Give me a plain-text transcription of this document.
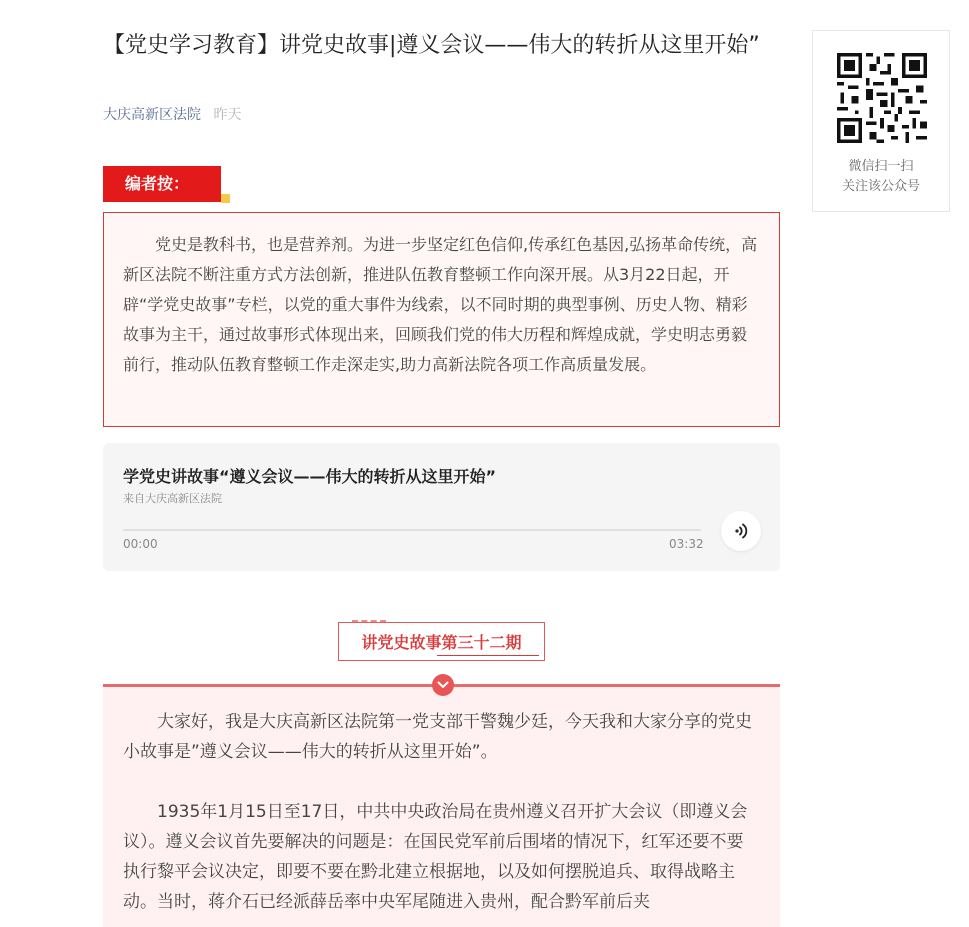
【党史学习教育】讲党史故事|遵义会议——伟大的转折从这里开始”
大庆高新区法院 昨天
微信扫一扫
关注该公众号
编者按：

党史是教科书，也是营养剂。为进一步坚定红色信仰,传承红色基因,弘扬革命传统，高新区法院不断注重方式方法创新，推进队伍教育整顿工作向深开展。从3月22日起，开辟“学党史故事”专栏，以党的重大事件为线索，以不同时期的典型事例、历史人物、精彩故事为主干，通过故事形式体现出来，回顾我们党的伟大历程和辉煌成就，学史明志勇毅前行，推动队伍教育整顿工作走深走实,助力高新法院各项工作高质量发展。

学党史讲故事“遵义会议——伟大的转折从这里开始”
来自大庆高新区法院
00:00	03:32
讲党史故事第三十二期

大家好，我是大庆高新区法院第一党支部干警魏少廷，今天我和大家分享的党史小故事是”遵义会议——伟大的转折从这里开始”。

1935年1月15日至17日，中共中央政治局在贵州遵义召开扩大会议（即遵义会议）。遵义会议首先要解决的问题是：在国民党军前后围堵的情况下，红军还要不要执行黎平会议决定，即要不要在黔北建立根据地，以及如何摆脱追兵、取得战略主动。当时，蒋介石已经派薛岳率中央军尾随进入贵州，配合黔军前后夹
